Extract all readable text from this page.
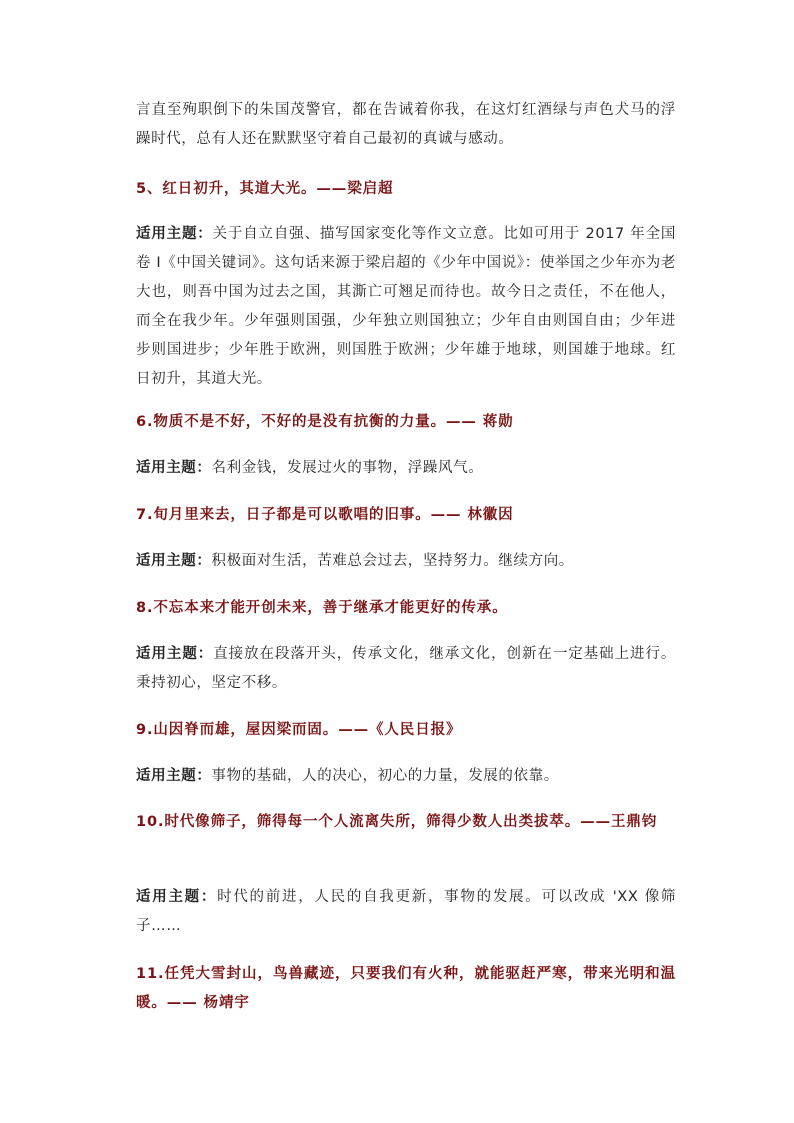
言直至殉职倒下的朱国茂警官，都在告诫着你我，在这灯红酒绿与声色犬马的浮躁时代，总有人还在默默坚守着自己最初的真诚与感动。

5、红日初升，其道大光。——梁启超

适用主题：关于自立自强、描写国家变化等作文立意。比如可用于 2017 年全国卷 I《中国关键词》。这句话来源于梁启超的《少年中国说》：使举国之少年亦为老大也，则吾中国为过去之国，其澌亡可翘足而待也。故今日之责任，不在他人，而全在我少年。少年强则国强，少年独立则国独立；少年自由则国自由；少年进步则国进步；少年胜于欧洲，则国胜于欧洲；少年雄于地球，则国雄于地球。红日初升，其道大光。

6.物质不是不好，不好的是没有抗衡的力量。—— 蒋勋

适用主题：名利金钱，发展过火的事物，浮躁风气。

7.旬月里来去，日子都是可以歌唱的旧事。—— 林徽因

适用主题：积极面对生活，苦难总会过去，坚持努力。继续方向。

8.不忘本来才能开创未来，善于继承才能更好的传承。

适用主题：直接放在段落开头，传承文化，继承文化，创新在一定基础上进行。秉持初心，坚定不移。

9.山因脊而雄，屋因梁而固。——《人民日报》

适用主题：事物的基础，人的决心，初心的力量，发展的依靠。

10.时代像筛子，筛得每一个人流离失所，筛得少数人出类拔萃。——王鼎钧

适用主题：时代的前进，人民的自我更新，事物的发展。可以改成 'XX 像筛子……

11.任凭大雪封山，鸟兽藏迹，只要我们有火种，就能驱赶严寒，带来光明和温暖。—— 杨靖宇
